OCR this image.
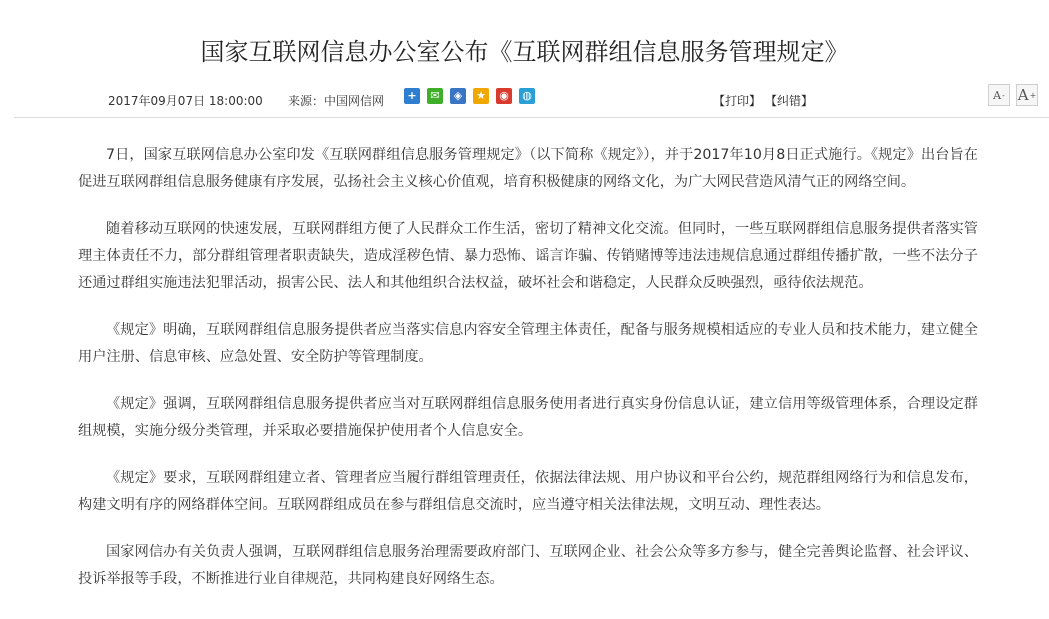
国家互联网信息办公室公布《互联网群组信息服务管理规定》
2017年09月07日 18:00:00 来源：中国网信网	+	✉	◈	★ ◉ ◍	【打印】 【纠错】	A - A +

7日，国家互联网信息办公室印发《互联网群组信息服务管理规定》（以下简称《规定》），并于2017年10月8日正式施行。《规定》出台旨在促进互联网群组信息服务健康有序发展，弘扬社会主义核心价值观，培育积极健康的网络文化，为广大网民营造风清气正的网络空间。

随着移动互联网的快速发展，互联网群组方便了人民群众工作生活，密切了精神文化交流。但同时，一些互联网群组信息服务提供者落实管理主体责任不力，部分群组管理者职责缺失，造成淫秽色情、暴力恐怖、谣言诈骗、传销赌博等违法违规信息通过群组传播扩散，一些不法分子还通过群组实施违法犯罪活动，损害公民、法人和其他组织合法权益，破坏社会和谐稳定，人民群众反映强烈，亟待依法规范。

《规定》明确，互联网群组信息服务提供者应当落实信息内容安全管理主体责任，配备与服务规模相适应的专业人员和技术能力，建立健全用户注册、信息审核、应急处置、安全防护等管理制度。

《规定》强调，互联网群组信息服务提供者应当对互联网群组信息服务使用者进行真实身份信息认证，建立信用等级管理体系，合理设定群组规模，实施分级分类管理，并采取必要措施保护使用者个人信息安全。

《规定》要求，互联网群组建立者、管理者应当履行群组管理责任，依据法律法规、用户协议和平台公约，规范群组网络行为和信息发布，构建文明有序的网络群体空间。互联网群组成员在参与群组信息交流时，应当遵守相关法律法规，文明互动、理性表达。

国家网信办有关负责人强调，互联网群组信息服务治理需要政府部门、互联网企业、社会公众等多方参与，健全完善舆论监督、社会评议、投诉举报等手段，不断推进行业自律规范，共同构建良好网络生态。
